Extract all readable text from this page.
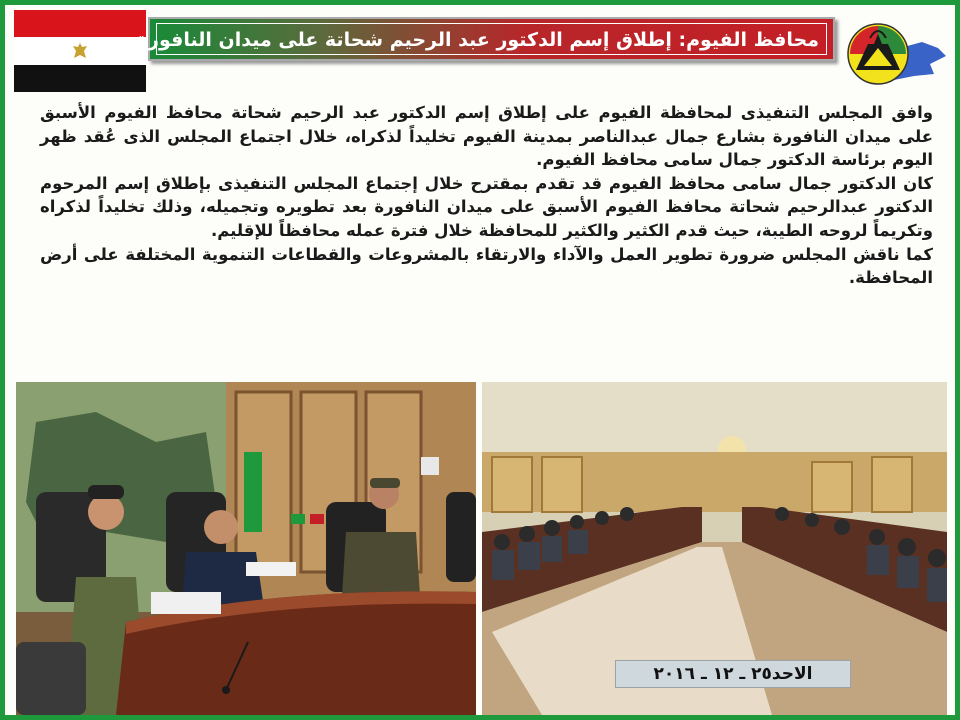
محافظ الفيوم: إطلاق إسم الدكتور عبد الرحيم شحاتة على ميدان النافورة

وافق المجلس التنفيذى لمحافظة الفيوم على إطلاق إسم الدكتور عبد الرحيم شحاتة محافظ الفيوم الأسبق على ميدان النافورة بشارع جمال عبدالناصر بمدينة الفيوم تخليداً لذكراه، خلال اجتماع المجلس الذى عُقد ظهر اليوم برئاسة الدكتور جمال سامى محافظ الفيوم.

كان الدكتور جمال سامى محافظ الفيوم قد تقدم بمقترح خلال إجتماع المجلس التنفيذى بإطلاق إسم المرحوم الدكتور عبدالرحيم شحاتة محافظ الفيوم الأسبق على ميدان النافورة بعد تطويره وتجميله، وذلك تخليداً لذكراه وتكريماً لروحه الطيبة، حيث قدم الكثير والكثير للمحافظة خلال فترة عمله محافظاً للإقليم.

كما ناقش المجلس ضرورة تطوير العمل والآداء والارتقاء بالمشروعات والقطاعات التنموية المختلفة على أرض المحافظة.

الاحد٢٥ ـ ١٢ ـ ٢٠١٦
